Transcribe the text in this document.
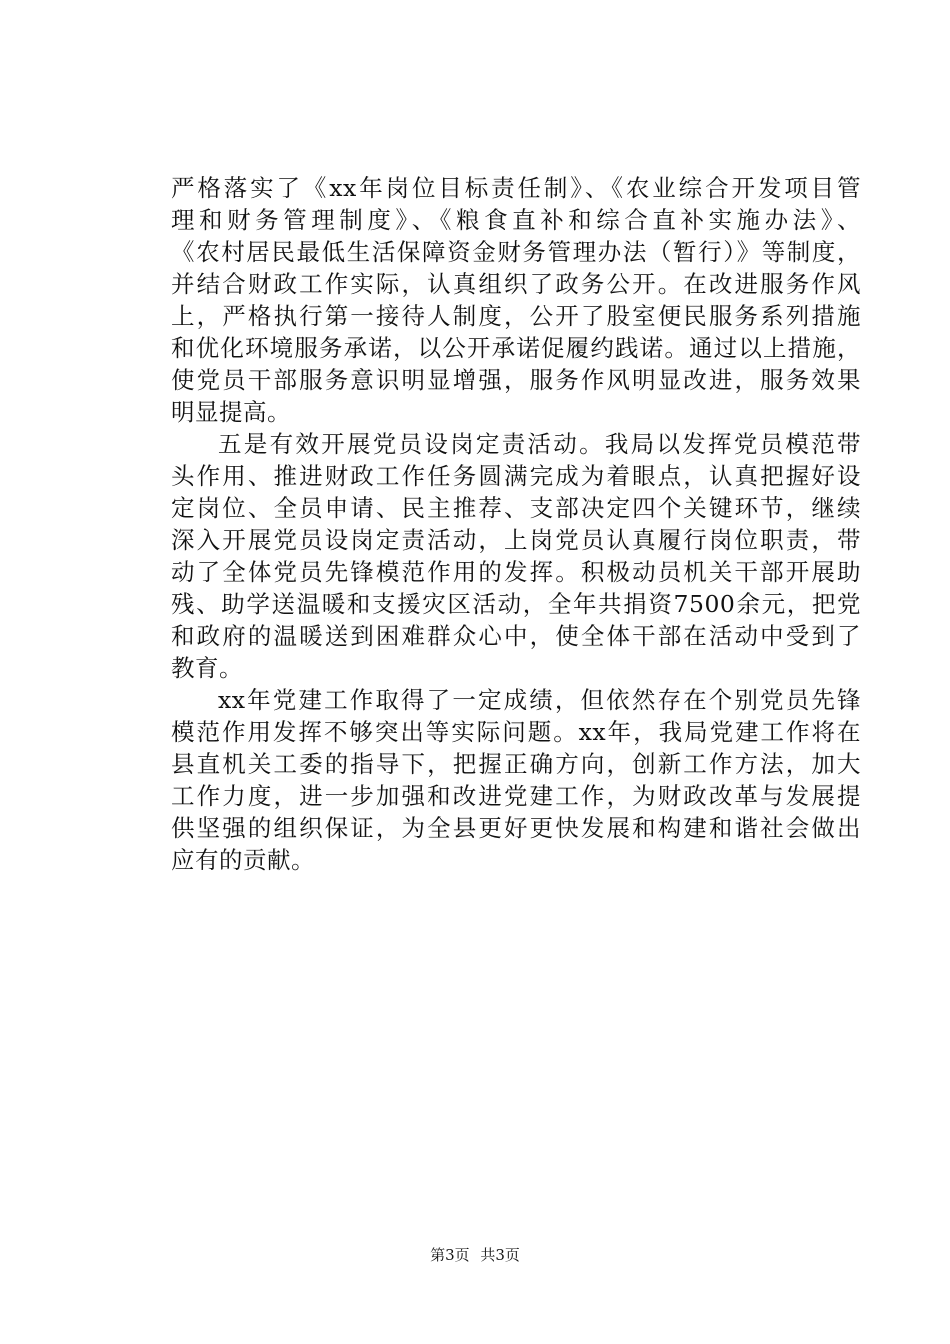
严格落实了《xx年岗位目标责任制》、《农业综合开发项目管
理和财务管理制度》、《粮食直补和综合直补实施办法》、
《农村居民最低生活保障资金财务管理办法（暂行）》等制度，
并结合财政工作实际，认真组织了政务公开。在改进服务作风
上，严格执行第一接待人制度，公开了股室便民服务系列措施
和优化环境服务承诺，以公开承诺促履约践诺。通过以上措施，
使党员干部服务意识明显增强，服务作风明显改进，服务效果
明显提高。
五是有效开展党员设岗定责活动。我局以发挥党员模范带
头作用、推进财政工作任务圆满完成为着眼点，认真把握好设
定岗位、全员申请、民主推荐、支部决定四个关键环节，继续
深入开展党员设岗定责活动，上岗党员认真履行岗位职责，带
动了全体党员先锋模范作用的发挥。积极动员机关干部开展助
残、助学送温暖和支援灾区活动，全年共捐资7500余元，把党
和政府的温暖送到困难群众心中，使全体干部在活动中受到了
教育。
xx年党建工作取得了一定成绩，但依然存在个别党员先锋
模范作用发挥不够突出等实际问题。xx年，我局党建工作将在
县直机关工委的指导下，把握正确方向，创新工作方法，加大
工作力度，进一步加强和改进党建工作，为财政改革与发展提
供坚强的组织保证，为全县更好更快发展和构建和谐社会做出
应有的贡献。
第3页 共3页
